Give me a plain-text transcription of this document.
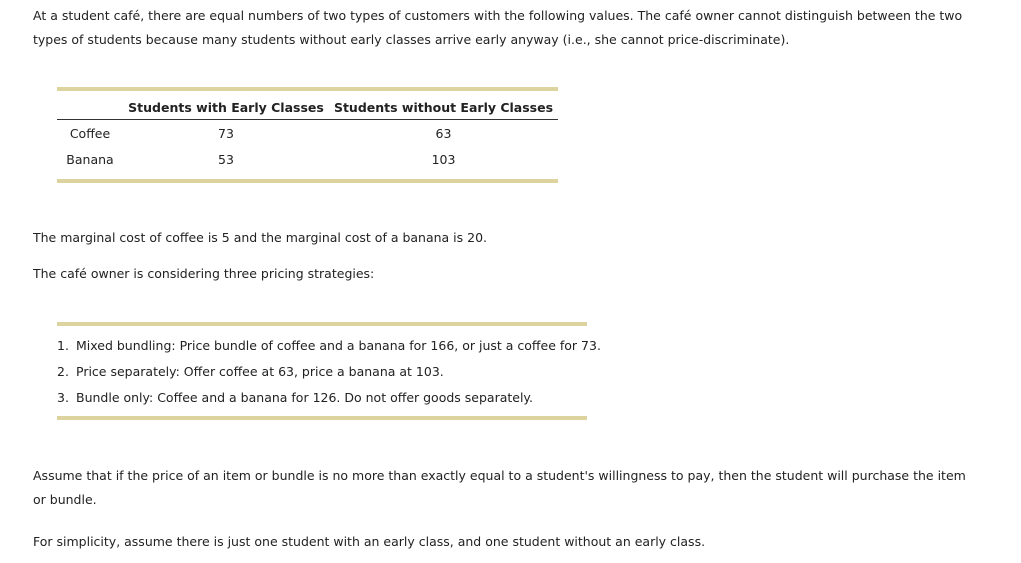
At a student café, there are equal numbers of two types of customers with the following values. The café owner cannot distinguish between the two
types of students because many students without early classes arrive early anyway (i.e., she cannot price-discriminate).

	Students with Early Classes	Students without Early Classes
Coffee	73	63
Banana	53	103

The marginal cost of coffee is 5 and the marginal cost of a banana is 20.

The café owner is considering three pricing strategies:

1. Mixed bundling: Price bundle of coffee and a banana for 166, or just a coffee for 73.
2. Price separately: Offer coffee at 63, price a banana at 103.
3. Bundle only: Coffee and a banana for 126. Do not offer goods separately.

Assume that if the price of an item or bundle is no more than exactly equal to a student's willingness to pay, then the student will purchase the item
or bundle.

For simplicity, assume there is just one student with an early class, and one student without an early class.
